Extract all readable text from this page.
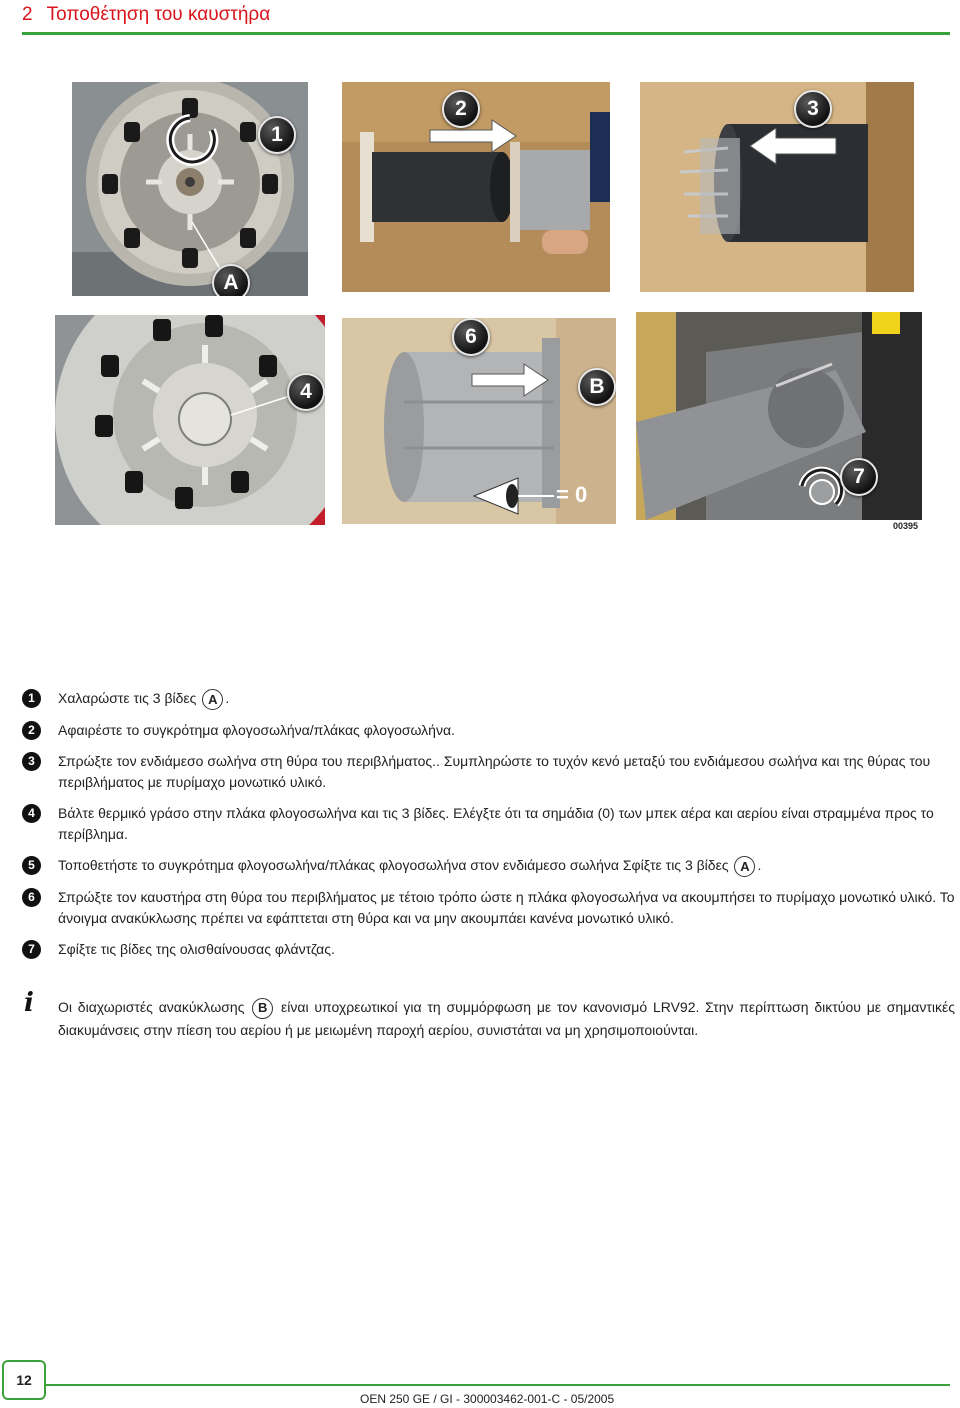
2 Τοποθέτηση του καυστήρα
1
A
2	3
4
6
B
= 0
7
00395
1	Χαλαρώστε τις 3 βίδες A .
2	Αφαιρέστε το συγκρότημα φλογοσωλήνα/πλάκας φλογοσωλήνα.
3	Σπρώξτε τον ενδιάμεσο σωλήνα στη θύρα του περιβλήματος.. Συμπληρώστε το τυχόν κενό μεταξύ του ενδιάμεσου σωλήνα και της θύρας του περιβλήματος με πυρίμαχο μονωτικό υλικό.
4	Βάλτε θερμικό γράσο στην πλάκα φλογοσωλήνα και τις 3 βίδες. Ελέγξτε ότι τα σημάδια (0) των μπεκ αέρα και αερίου είναι στραμμένα προς το περίβλημα.
5	Τοποθετήστε το συγκρότημα φλογοσωλήνα/πλάκας φλογοσωλήνα στον ενδιάμεσο σωλήνα Σφίξτε τις 3 βίδες A .
6	Σπρώξτε τον καυστήρα στη θύρα του περιβλήματος με τέτοιο τρόπο ώστε η πλάκα φλογοσωλήνα να ακουμπήσει το πυρίμαχο μονωτικό υλικό. Το άνοιγμα ανακύκλωσης πρέπει να εφάπτεται στη θύρα και να μην ακουμπάει κανένα μονωτικό υλικό.
7	Σφίξτε τις βίδες της ολισθαίνουσας φλάντζας.
i Οι διαχωριστές ανακύκλωσης B είναι υποχρεωτικοί για τη συμμόρφωση με τον κανονισμό LRV92. Στην περίπτωση δικτύου με σημαντικές διακυμάνσεις στην πίεση του αερίου ή με μειωμένη παροχή αερίου, συνιστάται να μη χρησιμοποιούνται.
12
OEN 250 GE / GI - 300003462-001-C - 05/2005
